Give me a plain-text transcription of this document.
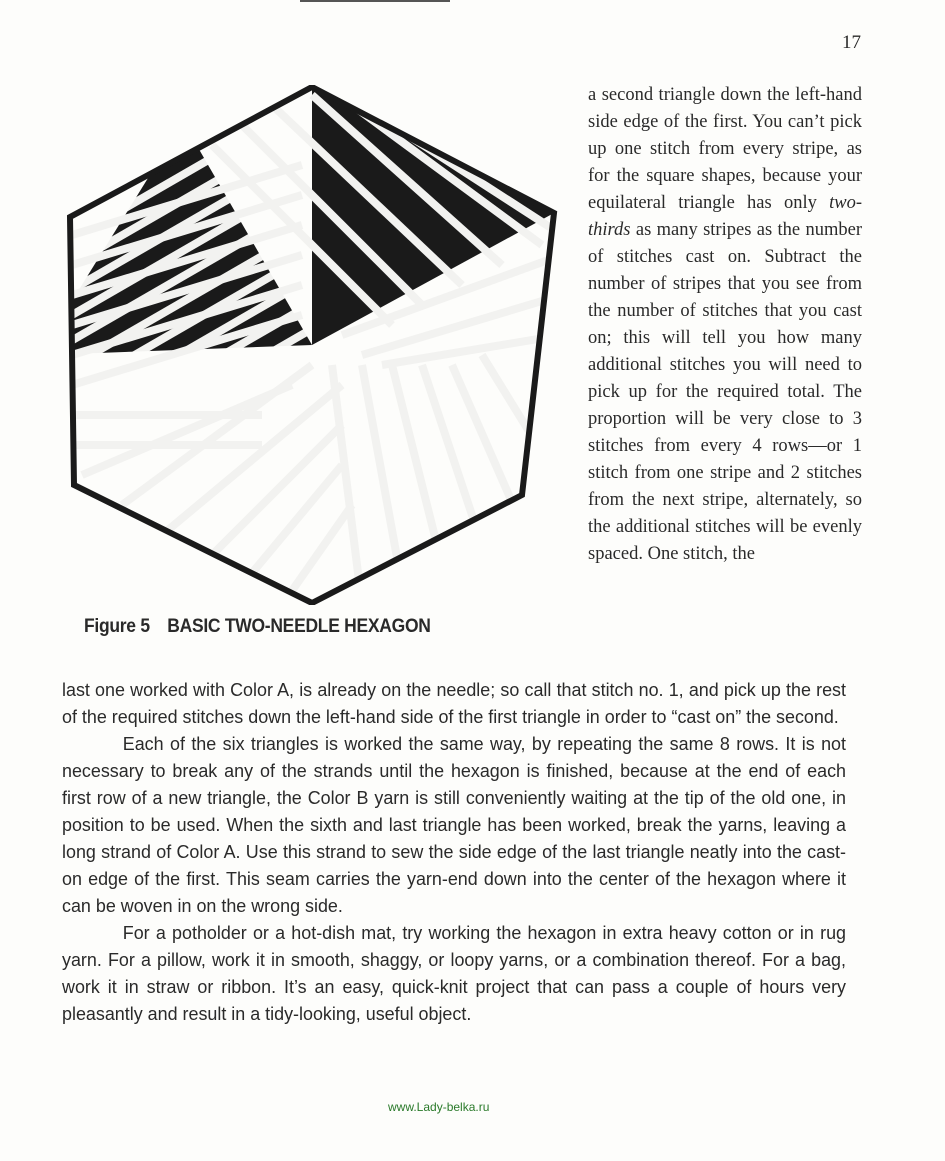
17
Figure 5 BASIC TWO-NEEDLE HEXAGON

a second triangle down the left-hand side edge of the first. You can’t pick up one stitch from every stripe, as for the square shapes, because your equilateral triangle has only two-thirds as many stripes as the number of stitches cast on. Subtract the number of stripes that you see from the number of stitches that you cast on; this will tell you how many additional stitches you will need to pick up for the required total. The proportion will be very close to 3 stitches from every 4 rows—or 1 stitch from one stripe and 2 stitches from the next stripe, alternately, so the additional stitches will be evenly spaced. One stitch, the

last one worked with Color A, is already on the needle; so call that stitch no. 1, and pick up the rest of the required stitches down the left-hand side of the first triangle in order to “cast on” the second.

Each of the six triangles is worked the same way, by repeating the same 8 rows. It is not necessary to break any of the strands until the hexagon is finished, because at the end of each first row of a new triangle, the Color B yarn is still conveniently waiting at the tip of the old one, in position to be used. When the sixth and last triangle has been worked, break the yarns, leaving a long strand of Color A. Use this strand to sew the side edge of the last triangle neatly into the cast-on edge of the first. This seam carries the yarn-end down into the center of the hexagon where it can be woven in on the wrong side.

For a potholder or a hot-dish mat, try working the hexagon in extra heavy cotton or in rug yarn. For a pillow, work it in smooth, shaggy, or loopy yarns, or a combination thereof. For a bag, work it in straw or ribbon. It’s an easy, quick-knit project that can pass a couple of hours very pleasantly and result in a tidy-looking, useful object.

www.Lady-belka.ru
